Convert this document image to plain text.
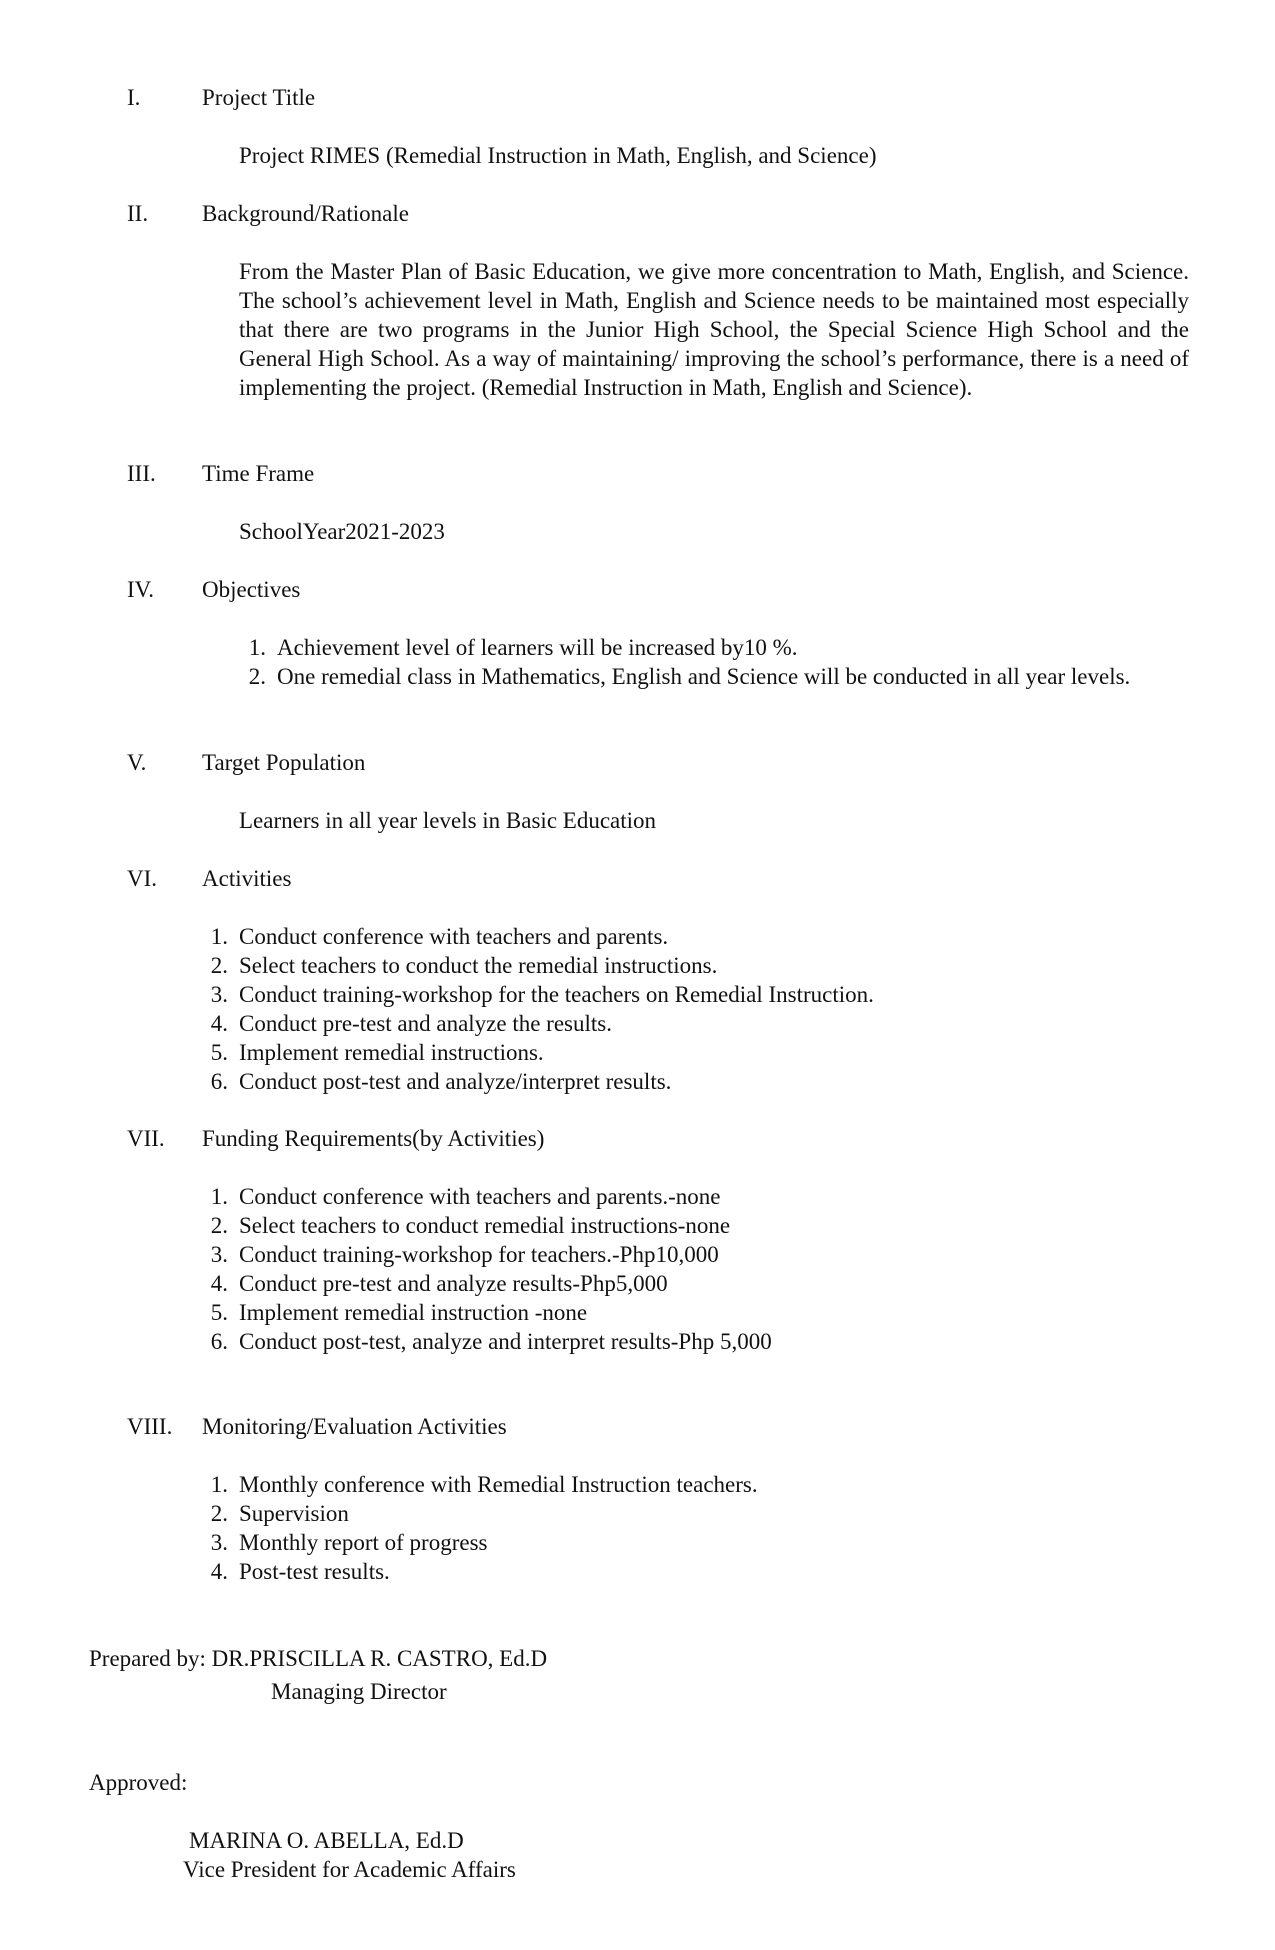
I.	Project Title
Project RIMES (Remedial Instruction in Math, English, and Science)
II. Background/Rationale
From the Master Plan of Basic Education, we give more concentration to Math, English, and Science. The school’s achievement level in Math, English and Science needs to be maintained most especially that there are two programs in the Junior High School, the Special Science High School and the General High School. As a way of maintaining/ improving the school’s performance, there is a need of implementing the project. (Remedial Instruction in Math, English and Science).
III. Time Frame
SchoolYear2021-2023
IV. Objectives
1. Achievement level of learners will be increased by10 %.
2. One remedial class in Mathematics, English and Science will be conducted in all year levels.
V. Target Population
Learners in all year levels in Basic Education
VI. Activities
1. Conduct conference with teachers and parents.
2. Select teachers to conduct the remedial instructions.
3. Conduct training-workshop for the teachers on Remedial Instruction.
4. Conduct pre-test and analyze the results.
5. Implement remedial instructions.
6. Conduct post-test and analyze/interpret results.
VII. Funding Requirements(by Activities)
1. Conduct conference with teachers and parents.-none
2. Select teachers to conduct remedial instructions-none
3. Conduct training-workshop for teachers.-Php10,000
4. Conduct pre-test and analyze results-Php5,000
5. Implement remedial instruction -none
6. Conduct post-test, analyze and interpret results-Php 5,000
VIII. Monitoring/Evaluation Activities
1. Monthly conference with Remedial Instruction teachers.
2. Supervision
3. Monthly report of progress
4. Post-test results.
Prepared by: DR.PRISCILLA R. CASTRO, Ed.D
Managing Director
Approved:
MARINA O. ABELLA, Ed.D
Vice President for Academic Affairs
